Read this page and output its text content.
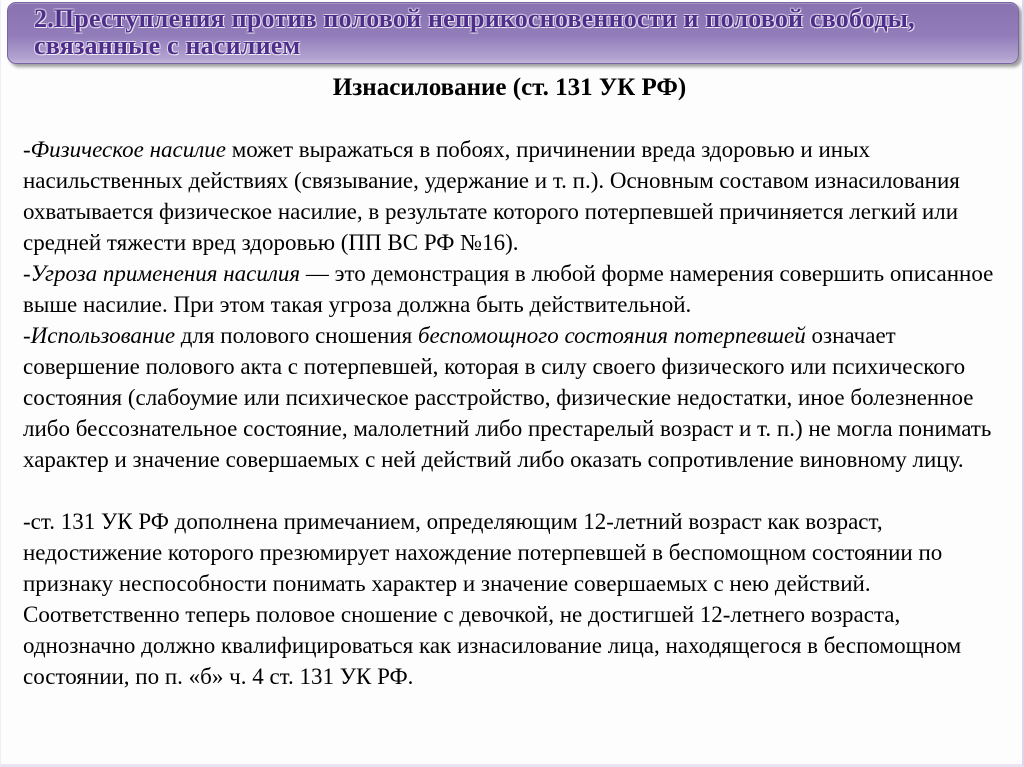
2.Преступления против половой неприкосновенности и половой свободы, связанные с насилием
Изнасилование (ст. 131 УК РФ)

-Физическое насилие может выражаться в побоях, причинении вреда здоровью и иных насильственных действиях (связывание, удержание и т. п.). Основным составом изнасилования охватывается физическое насилие, в результате которого потерпевшей причиняется легкий или средней тяжести вред здоровью (ПП ВС РФ №16).

-Угроза применения насилия — это демонстрация в любой форме намерения совершить описанное выше насилие. При этом такая угроза должна быть действительной.

-Использование для полового сношения беспомощного состояния потерпевшей означает совершение полового акта с потерпевшей, которая в силу своего физического или психического состояния (слабоумие или психическое расстройство, физические недостатки, иное болезненное либо бессознательное состояние, малолетний либо престарелый возраст и т. п.) не могла понимать характер и значение совершаемых с ней действий либо оказать сопротивление виновному лицу.

-ст. 131 УК РФ дополнена примечанием, определяющим 12-летний возраст как возраст, недостижение которого презюмирует нахождение потерпевшей в беспомощном состоянии по признаку неспособности понимать характер и значение совершаемых с нею действий. Соответственно теперь половое сношение с девочкой, не достигшей 12-летнего возраста, однозначно должно квалифицироваться как изнасилование лица, находящегося в беспомощном состоянии, по п. «б» ч. 4 ст. 131 УК РФ.
